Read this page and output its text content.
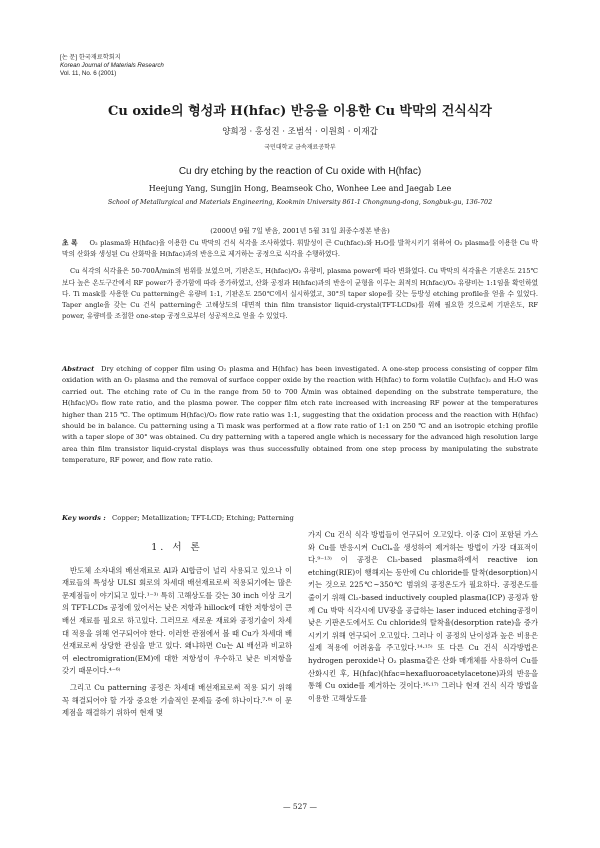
[논 문] 한국재료학회지
Korean Journal of Materials Research
Vol. 11, No. 6 (2001)
Cu oxide의 형성과 H(hfac) 반응을 이용한 Cu 박막의 건식식각
양희정 · 홍성진 · 조범석 · 이원희 · 이재갑
국민대학교 금속재료공학부
Cu dry etching by the reaction of Cu oxide with H(hfac)
Heejung Yang, Sungjin Hong, Beamseok Cho, Wonhee Lee and Jaegab Lee
School of Metallurgical and Materials Engineering, Kookmin University 861-1 Chongnung-dong, Songbuk-gu, 136-702
(2000년 9월 7일 받음, 2001년 5월 31일 최종수정본 받음)

초 록 O₂ plasma와 H(hfac)을 이용한 Cu 박막의 건식 식각을 조사하였다. 휘발성이 큰 Cu(hfac)₂와 H₂O를 발착시키기 위하여 O₂ plasma를 이용한 Cu 박막의 산화와 생성된 Cu 산화막을 H(hfac)과의 반응으로 제거하는 공정으로 식각을 수행하였다.

Cu 식각의 식각율은 50-700Å/min의 범위를 보였으며, 기판온도, H(hfac)/O₂ 유량비, plasma power에 따라 변화였다. Cu 박막의 식각율은 기판온도 215℃보다 높은 온도구간에서 RF power가 증가함에 따라 증가하였고, 산화 공정과 H(hfac)과의 반응이 균형을 이루는 최적의 H(hfac)/O₂ 유량비는 1:1임을 확인하였다. Ti mask를 사용한 Cu patterning은 유량비 1:1, 기판온도 250℃에서 실시하였고, 30°의 taper slope를 갖는 등방성 etching profile을 얻을 수 있었다. Taper angle을 갖는 Cu 건식 patterning은 고해상도의 대면적 thin film transistor liquid-crystal(TFT-LCDs)를 위해 필요한 것으로써 기판온도, RF power, 유량비를 조절한 one-step 공정으로부터 성공적으로 얻을 수 있었다.

Abstract Dry etching of copper film using O₂ plasma and H(hfac) has been investigated. A one-step process consisting of copper film oxidation with an O₂ plasma and the removal of surface copper oxide by the reaction with H(hfac) to form volatile Cu(hfac)₂ and H₂O was carried out. The etching rate of Cu in the range from 50 to 700 Å/min was obtained depending on the substrate temperature, the H(hfac)/O₂ flow rate ratio, and the plasma power. The copper film etch rate increased with increasing RF power at the temperatures higher than 215 ℃. The optimum H(hfac)/O₂ flow rate ratio was 1:1, suggesting that the oxidation process and the reaction with H(hfac) should be in balance. Cu patterning using a Ti mask was performed at a flow rate ratio of 1:1 on 250 ℃ and an isotropic etching profile with a taper slope of 30° was obtained. Cu dry patterning with a tapered angle which is necessary for the advanced high resolution large area thin film transistor liquid-crystal displays was thus successfully obtained from one step process by manipulating the substrate temperature, RF power, and flow rate ratio.
Key words : Copper; Metallization; TFT-LCD; Etching; Patterning
1. 서 론

반도체 소자내의 배선재료로 Al과 Al합금이 널리 사용되고 있으나 이 재료들의 특성상 ULSI 회로의 차세대 배선재료로써 적용되기에는 많은 문제점들이 야기되고 있다.¹⁻³⁾ 특히 고해상도를 갖는 30 inch 이상 크기의 TFT-LCDs 공정에 있어서는 낮은 저항과 hillock에 대한 저항성이 큰 배선 재료를 필요로 하고있다. 그러므로 새로운 재료와 공정기술이 차세대 적용을 위해 연구되어야 한다. 이러한 관점에서 볼 때 Cu가 차세대 배선재료로써 상당한 관심을 받고 있다. 왜냐하면 Cu는 Al 배선과 비교하여 electromigration(EM)에 대한 저항성이 우수하고 낮은 비저항을 갖기 때문이다.⁴⁻⁶⁾

그리고 Cu patterning 공정은 차세대 배선재료로써 적용 되기 위해 꼭 해결되어야 할 가장 중요한 기술적인 문제들 중에 하나이다.⁷·⁸⁾ 이 문제점을 해결하기 위하여 현재 몇

가지 Cu 건식 식각 방법들이 연구되어 오고있다. 이중 Cl이 포함된 가스와 Cu를 반응시켜 CuClₓ을 생성하여 제거하는 방법이 가장 대표적이다.⁹⁻¹³⁾ 이 공정은 Cl₂-based plasma하에서 reactive ion etching(RIE)이 행해지는 동안에 Cu chloride를 탈착(desorption)시키는 것으로 225℃~350℃ 범위의 공정온도가 필요하다. 공정온도를 줄이기 위해 Cl₂-based inductively coupled plasma(ICP) 공정과 함께 Cu 박막 식각시에 UV광을 공급하는 laser induced etching공정이 낮은 기판온도에서도 Cu chloride의 탈착율(desorption rate)을 증가시키기 위해 연구되어 오고있다. 그러나 이 공정의 난이성과 높은 비용은 실제 적용에 어려움을 주고있다.¹⁴·¹⁵⁾ 또 다른 Cu 건식 식각방법은 hydrogen peroxide나 O₂ plasma같은 산화 매개체를 사용하여 Cu를 산화시킨 후, H(hfac)(hfac=hexafluoroacetylacetone)과의 반응을 통해 Cu oxide를 제거하는 것이다.¹⁶·¹⁷⁾ 그러나 현재 건식 식각 방법을 이용한 고해상도를

— 527 —
